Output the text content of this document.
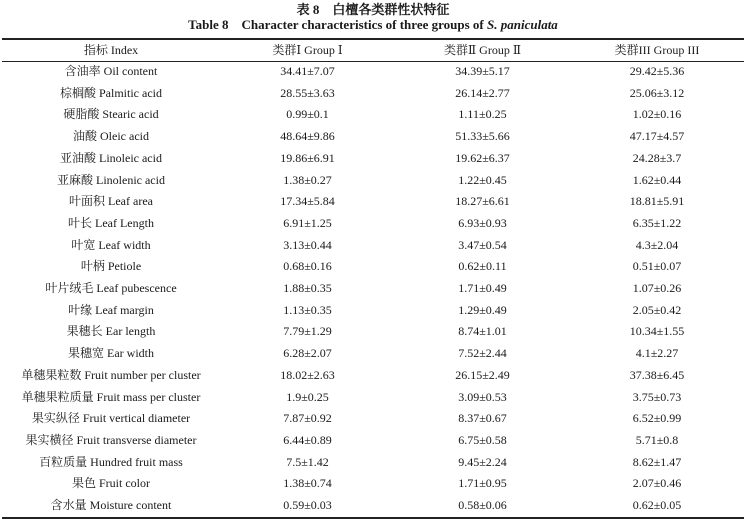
表 8　白檀各类群性状特征
Table 8　Character characteristics of three groups of S. paniculata
指标 Index	类群Ⅰ Group Ⅰ	类群Ⅱ Group Ⅱ	类群III Group III
含油率 Oil content	34.41±7.07	34.39±5.17	29.42±5.36
棕榈酸 Palmitic acid	28.55±3.63	26.14±2.77	25.06±3.12
硬脂酸 Stearic acid	0.99±0.1	1.11±0.25	1.02±0.16
油酸 Oleic acid	48.64±9.86	51.33±5.66	47.17±4.57
亚油酸 Linoleic acid	19.86±6.91	19.62±6.37	24.28±3.7
亚麻酸 Linolenic acid	1.38±0.27	1.22±0.45	1.62±0.44
叶面积 Leaf area	17.34±5.84	18.27±6.61	18.81±5.91
叶长 Leaf Length	6.91±1.25	6.93±0.93	6.35±1.22
叶宽 Leaf width	3.13±0.44	3.47±0.54	4.3±2.04
叶柄 Petiole	0.68±0.16	0.62±0.11	0.51±0.07
叶片绒毛 Leaf pubescence	1.88±0.35	1.71±0.49	1.07±0.26
叶缘 Leaf margin	1.13±0.35	1.29±0.49	2.05±0.42
果穗长 Ear length	7.79±1.29	8.74±1.01	10.34±1.55
果穗宽 Ear width	6.28±2.07	7.52±2.44	4.1±2.27
单穗果粒数 Fruit number per cluster	18.02±2.63	26.15±2.49	37.38±6.45
单穗果粒质量 Fruit mass per cluster	1.9±0.25	3.09±0.53	3.75±0.73
果实纵径 Fruit vertical diameter	7.87±0.92	8.37±0.67	6.52±0.99
果实横径 Fruit transverse diameter	6.44±0.89	6.75±0.58	5.71±0.8
百粒质量 Hundred fruit mass	7.5±1.42	9.45±2.24	8.62±1.47
果色 Fruit color	1.38±0.74	1.71±0.95	2.07±0.46
含水量 Moisture content	0.59±0.03	0.58±0.06	0.62±0.05
